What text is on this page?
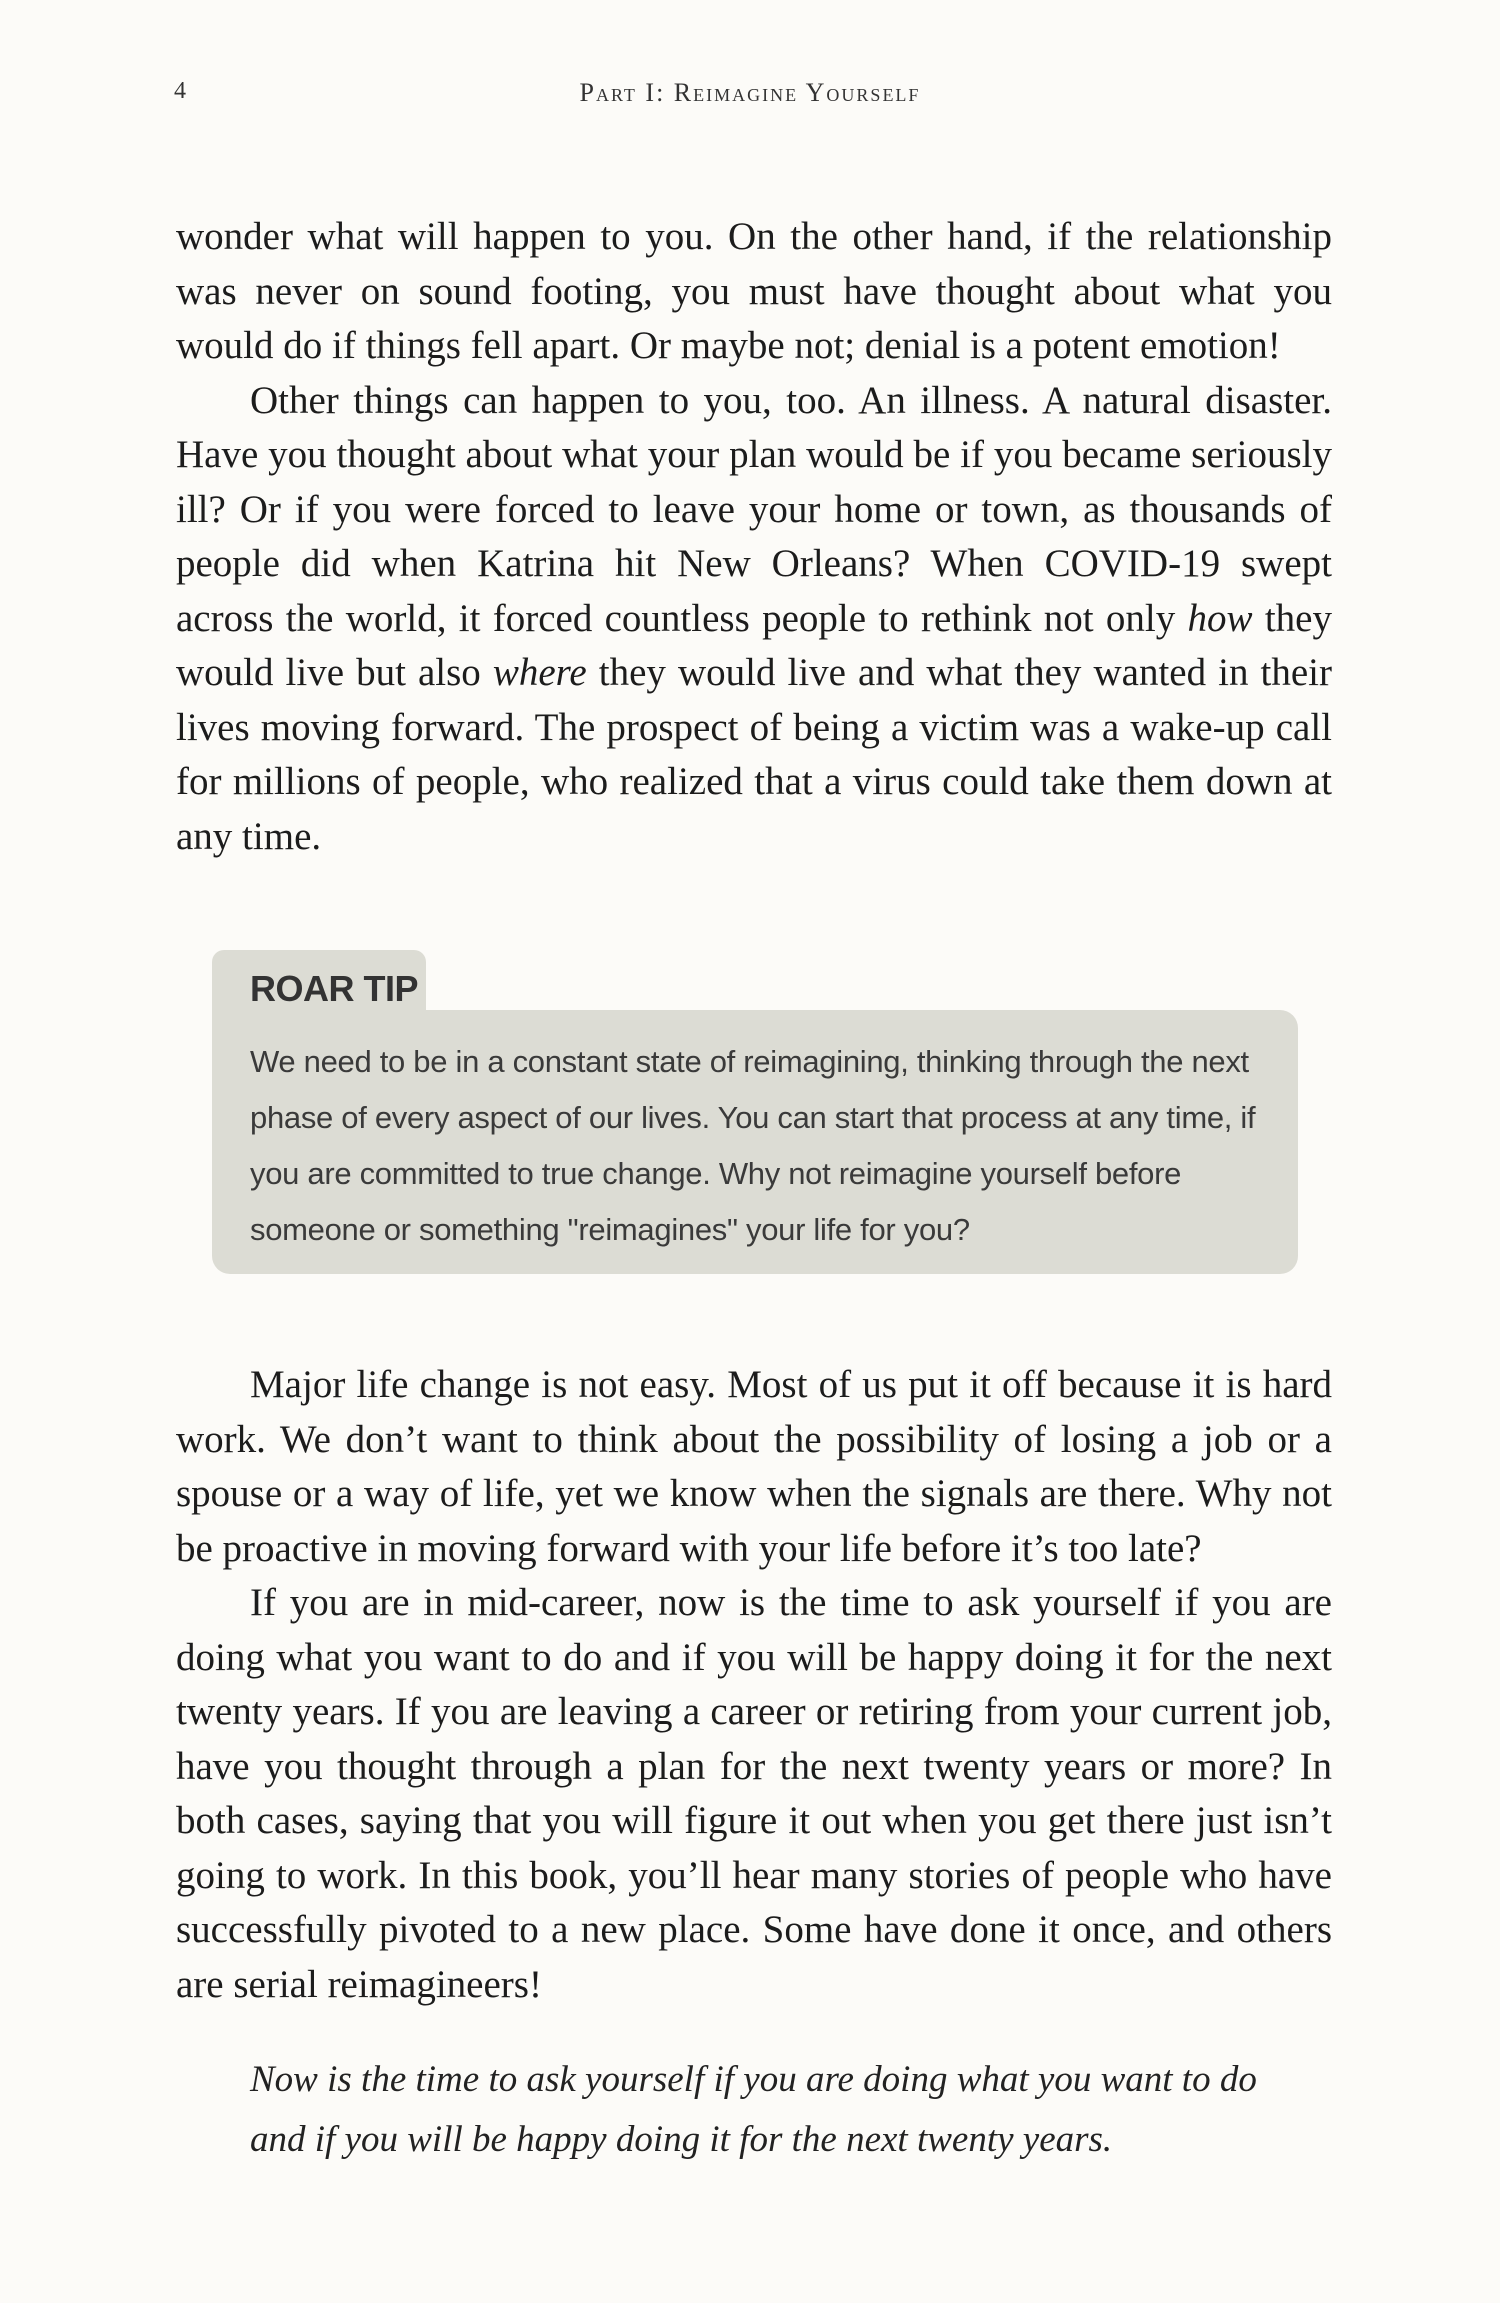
4	Part I: Reimagine Yourself

wonder what will happen to you. On the other hand, if the relationship was never on sound footing, you must have thought about what you would do if things fell apart. Or maybe not; denial is a potent emotion!

Other things can happen to you, too. An illness. A natural disaster. Have you thought about what your plan would be if you became seriously ill? Or if you were forced to leave your home or town, as thousands of people did when Katrina hit New Orleans? When COVID-19 swept across the world, it forced countless people to rethink not only how they would live but also where they would live and what they wanted in their lives moving forward. The prospect of being a victim was a wake-up call for millions of people, who realized that a virus could take them down at any time.

ROAR TIP
We need to be in a constant state of reimagining, thinking through the next phase of every aspect of our lives. You can start that process at any time, if you are committed to true change. Why not reimagine yourself before someone or something "reimagines" your life for you?

Major life change is not easy. Most of us put it off because it is hard work. We don’t want to think about the possibility of losing a job or a spouse or a way of life, yet we know when the signals are there. Why not be proactive in moving forward with your life before it’s too late?

If you are in mid-career, now is the time to ask yourself if you are doing what you want to do and if you will be happy doing it for the next twenty years. If you are leaving a career or retiring from your current job, have you thought through a plan for the next twenty years or more? In both cases, saying that you will figure it out when you get there just isn’t going to work. In this book, you’ll hear many stories of people who have successfully pivoted to a new place. Some have done it once, and others are serial reimagineers!

Now is the time to ask yourself if you are doing what you want to do and if you will be happy doing it for the next twenty years.
